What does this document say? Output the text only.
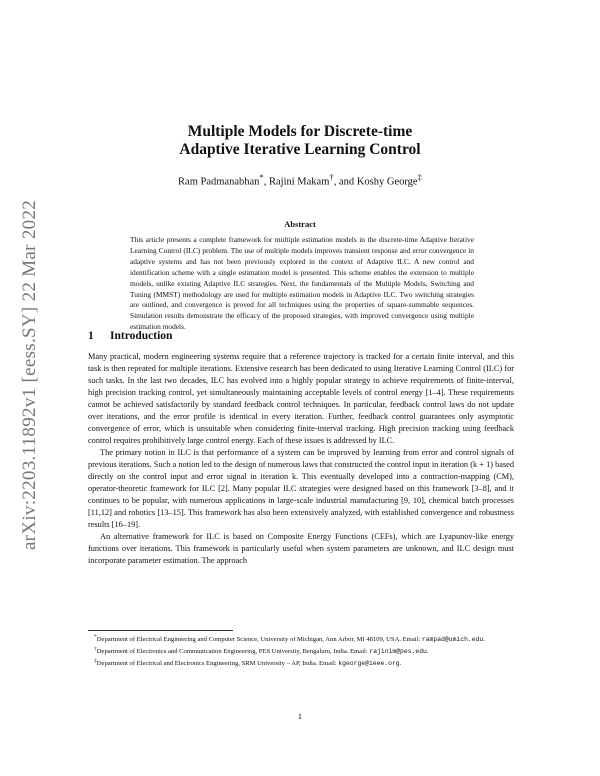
arXiv:2203.11892v1 [eess.SY] 22 Mar 2022
Multiple Models for Discrete-time
Adaptive Iterative Learning Control
Ram Padmanabhan*, Rajini Makam†, and Koshy George‡
Abstract
This article presents a complete framework for multiple estimation models in the discrete-time Adaptive Iterative Learning Control (ILC) problem. The use of multiple models improves transient response and error convergence in adaptive systems and has not been previously explored in the context of Adaptive ILC. A new control and identification scheme with a single estimation model is presented. This scheme enables the extension to multiple models, unlike existing Adaptive ILC strategies. Next, the fundamentals of the Multiple Models, Switching and Tuning (MMST) methodology are used for multiple estimation models in Adaptive ILC. Two switching strategies are outlined, and convergence is proved for all techniques using the properties of square-summable sequences. Simulation results demonstrate the efficacy of the proposed strategies, with improved convergence using multiple estimation models.
1 Introduction

Many practical, modern engineering systems require that a reference trajectory is tracked for a certain finite interval, and this task is then repeated for multiple iterations. Extensive research has been dedicated to using Iterative Learning Control (ILC) for such tasks. In the last two decades, ILC has evolved into a highly popular strategy to achieve requirements of finite-interval, high precision tracking control, yet simultaneously maintaining acceptable levels of control energy [1–4]. These requirements cannot be achieved satisfactorily by standard feedback control techniques. In particular, feedback control laws do not update over iterations, and the error profile is identical in every iteration. Further, feedback control guarantees only asymptotic convergence of error, which is unsuitable when considering finite-interval tracking. High precision tracking using feedback control requires prohibitively large control energy. Each of these issues is addressed by ILC.

The primary notion in ILC is that performance of a system can be improved by learning from error and control signals of previous iterations. Such a notion led to the design of numerous laws that constructed the control input in iteration (k + 1) based directly on the control input and error signal in iteration k. This eventually developed into a contraction-mapping (CM), operator-theoretic framework for ILC [2]. Many popular ILC strategies were designed based on this framework [3–8], and it continues to be popular, with numerous applications in large-scale industrial manufacturing [9, 10], chemical batch processes [11,12] and robotics [13–15]. This framework has also been extensively analyzed, with established convergence and robustness results [16–19].

An alternative framework for ILC is based on Composite Energy Functions (CEFs), which are Lyapunov-like energy functions over iterations. This framework is particularly useful when system parameters are unknown, and ILC design must incorporate parameter estimation. The approach

*Department of Electrical Engineering and Computer Science, University of Michigan, Ann Arbor, MI 48109, USA. Email: rampad@umich.edu.

†Department of Electronics and Communication Engineering, PES University, Bengaluru, India. Email: rajinim@pes.edu.

‡Department of Electrical and Electronics Engineering, SRM University – AP, India. Email: kgeorge@ieee.org.

1
